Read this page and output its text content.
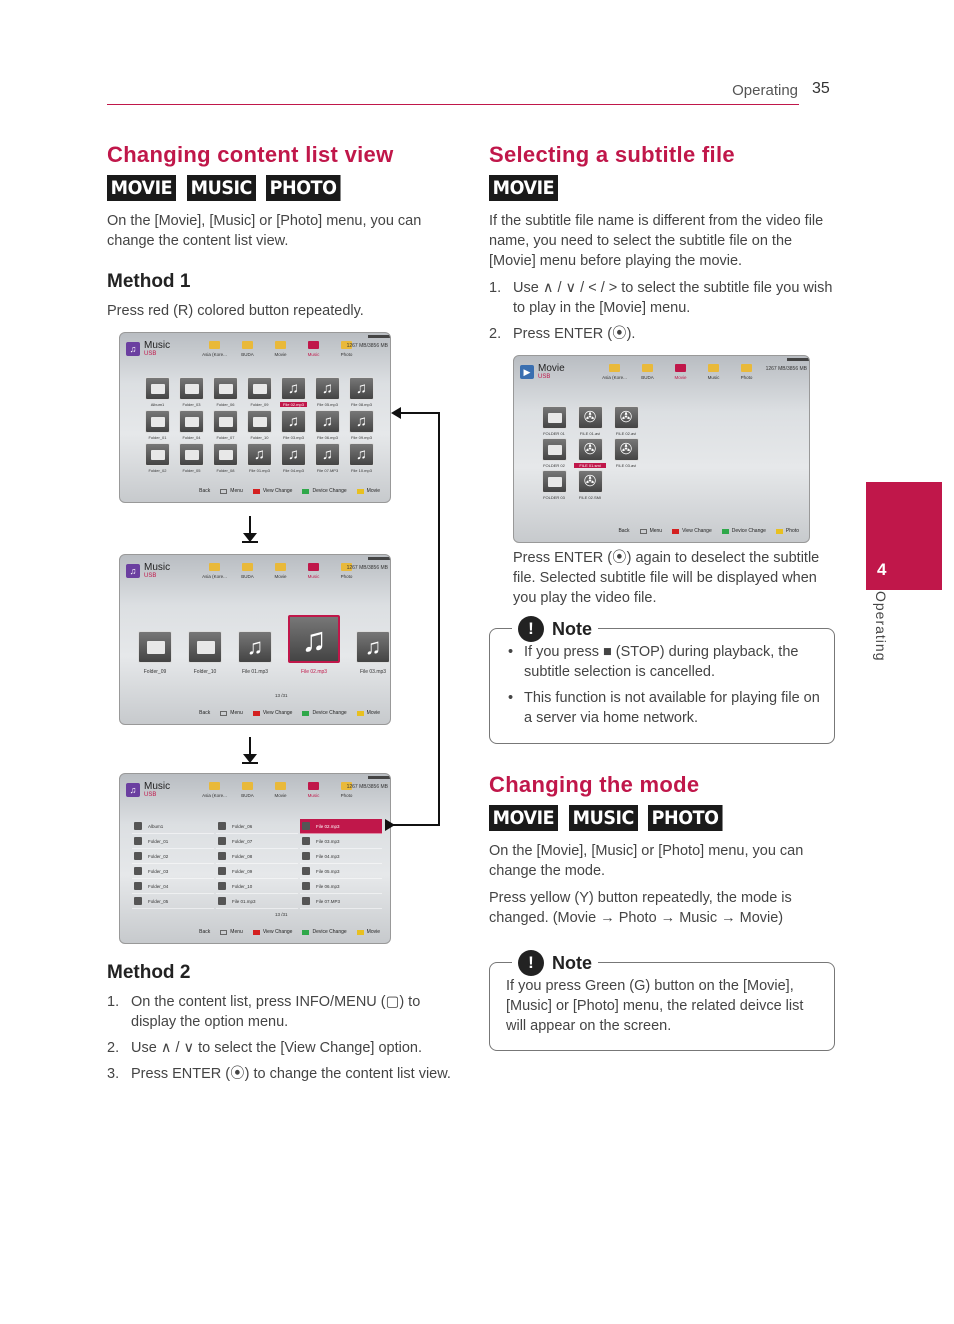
Operating 35
Changing content list view
MOVIE MUSIC PHOTO
On the [Movie], [Music] or [Photo] menu, you can change the content list view.
Method 1
Press red (R) colored button repeatedly.
♫ Music
USB	Asia (Kore...	BUDA	Movie	Music	Photo
1267 MB/3856 MB
Album1	Folder_03	Folder_06	Folder_09
♫
File 02.mp3
♫
File 05.mp3
♫
File 08.mp3
Folder_01	Folder_04	Folder_07	Folder_10
♫
File 03.mp3
♫
File 06.mp3
♫
File 09.mp3
Folder_02	Folder_05	Folder_08
♫
File 01.mp3
♫
File 04.mp3
♫
File 07.MP3
♫
File 10.mp3
Back	Menu	View Change	Device Change	Movie
♫ Music
USB	Asia (Kore...	BUDA	Movie	Music	Photo
1267 MB/3856 MB
Folder_09	Folder_10
♫
File 01.mp3
♫
File 02.mp3
♫
File 03.mp3
13 /31
Back	Menu	View Change	Device Change	Movie
♫ Music
USB	Asia (Kore...	BUDA	Movie	Music	Photo
1267 MB/3856 MB
Album1	Folder_06	File 02.mp3
Folder_01	Folder_07	File 03.mp3
Folder_02	Folder_08	File 04.mp3
Folder_03	Folder_09	File 05.mp3
Folder_04	Folder_10	File 06.mp3
Folder_05	File 01.mp3	File 07.MP3
13 /31
Back	Menu	View Change	Device Change	Movie
Method 2
1. On the content list, press INFO/MENU (▢) to display the option menu.
2. Use ∧ / ∨ to select the [View Change] option.
3. Press ENTER (⦿) to change the content list view.
Selecting a subtitle file
MOVIE
If the subtitle file name is different from the video file name, you need to select the subtitle file on the [Movie] menu before playing the movie.
1. Use ∧ / ∨ / < / > to select the subtitle file you wish to play in the [Movie] menu.
2. Press ENTER (⦿).
▶ Movie
USB	Asia (Kore...	BUDA	Movie	Music	Photo
1267 MB/3856 MB
FOLDER 01
✇
FILE 01.avi
✇
FILE 02.avi
FOLDER 02
✇
FILE 01.smi
✇
FILE 03.avi
FOLDER 03
✇
FILE 02.SMI
Back	Menu	View Change	Device Change	Photo
Press ENTER (⦿) again to deselect the subtitle file. Selected subtitle file will be displayed when you play the video file.
!	Note
• If you press ■ (STOP) during playback, the subtitle selection is cancelled.
• This function is not available for playing file on a server via home network.
Changing the mode
MOVIE MUSIC PHOTO
On the [Movie], [Music] or [Photo] menu, you can change the mode.
Press yellow (Y) button repeatedly, the mode is changed. (Movie → Photo → Music → Movie)
!	Note
If you press Green (G) button on the [Movie], [Music] or [Photo] menu, the related deivce list will appear on the screen.
4
Operating
